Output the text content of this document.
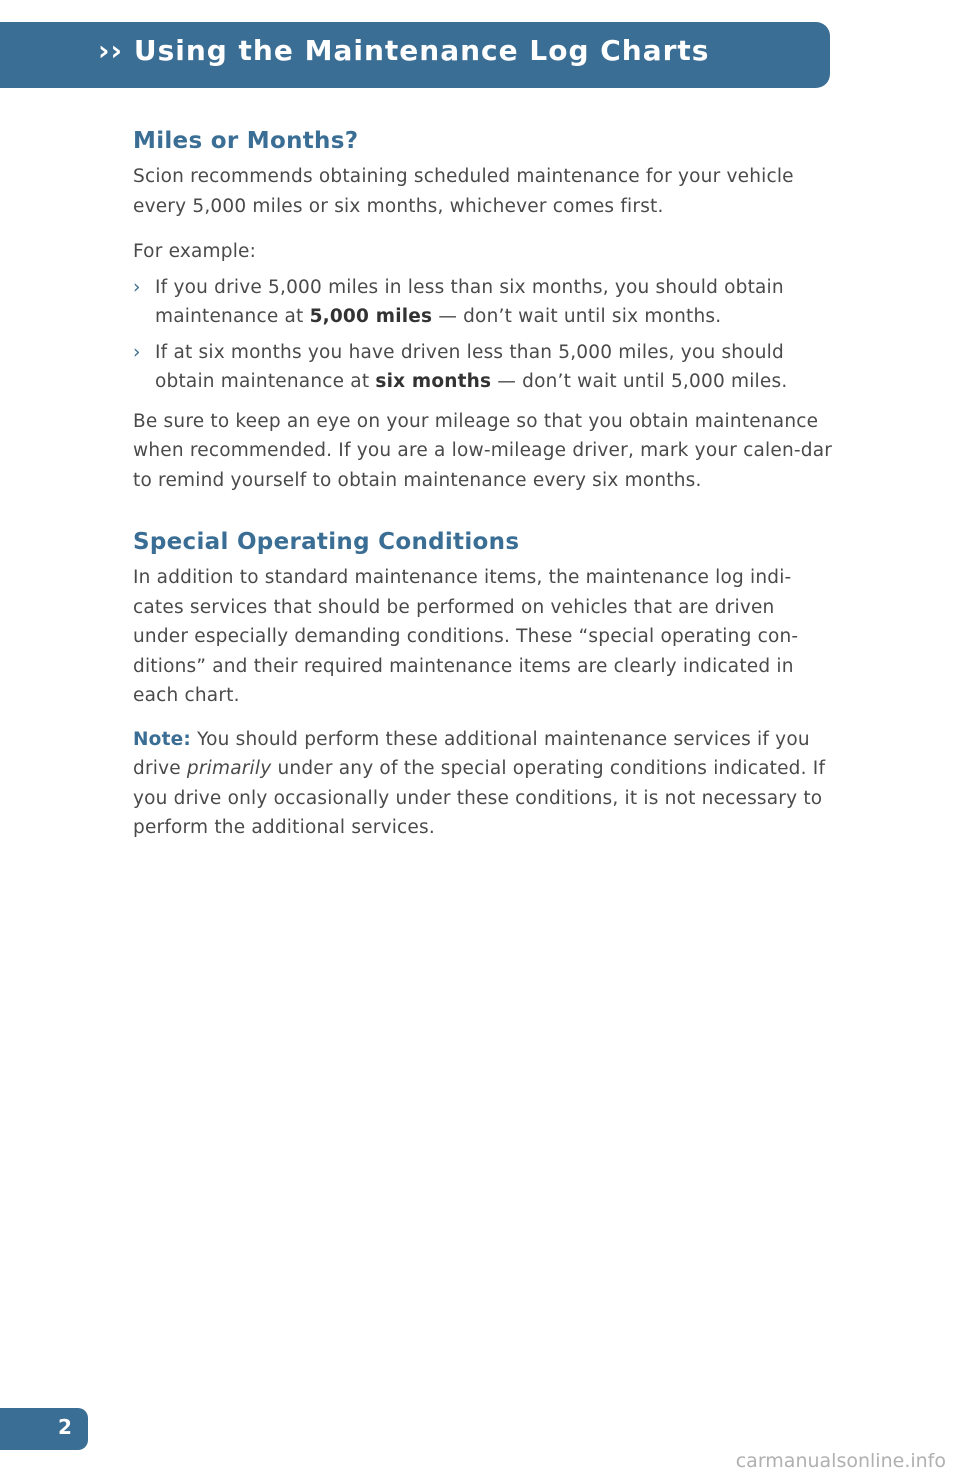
›› Using the Maintenance Log Charts
Miles or Months?

Scion recommends obtaining scheduled maintenance for your vehicle every 5,000 miles or six months, whichever comes first.

For example:

› If you drive 5,000 miles in less than six months, you should obtain maintenance at 5,000 miles — don’t wait until six months.
› If at six months you have driven less than 5,000 miles, you should obtain maintenance at six months — don’t wait until 5,000 miles.

Be sure to keep an eye on your mileage so that you obtain maintenance when recommended. If you are a low-mileage driver, mark your calen-dar to remind yourself to obtain maintenance every six months.

Special Operating Conditions

In addition to standard maintenance items, the maintenance log indi-cates services that should be performed on vehicles that are driven under especially demanding conditions. These “special operating con-ditions” and their required maintenance items are clearly indicated in each chart.

Note: You should perform these additional maintenance services if you drive primarily under any of the special operating conditions indicated. If you drive only occasionally under these conditions, it is not necessary to perform the additional services.

2
carmanualsonline.info
